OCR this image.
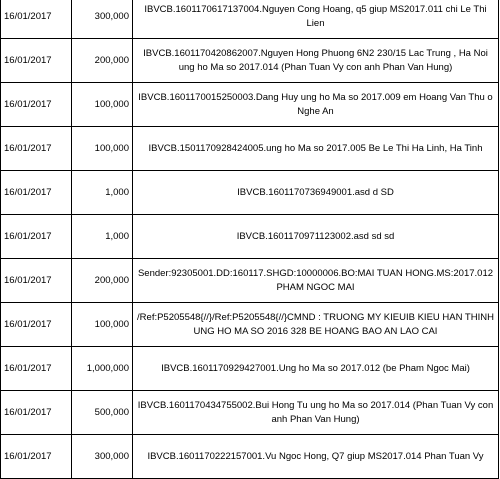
16/01/2017	300,000	IBVCB.1601170617137004.Nguyen Cong Hoang, q5 giup MS2017.011 chi Le Thi Lien
16/01/2017	200,000	IBVCB.1601170420862007.Nguyen Hong Phuong 6N2 230/15 Lac Trung , Ha Noi ung ho Ma so 2017.014 (Phan Tuan Vy con anh Phan Van Hung)
16/01/2017	100,000	IBVCB.1601170015250003.Dang Huy ung ho Ma so 2017.009 em Hoang Van Thu o Nghe An
16/01/2017	100,000	IBVCB.1501170928424005.ung ho Ma so 2017.005 Be Le Thi Ha Linh, Ha Tinh
16/01/2017	1,000	IBVCB.1601170736949001.asd d SD
16/01/2017	1,000	IBVCB.1601170971123002.asd sd sd
16/01/2017	200,000	Sender:92305001.DD:160117.SHGD:10000006.BO:MAI TUAN HONG.MS:2017.012 PHAM NGOC MAI
16/01/2017	100,000	/Ref:P5205548{//}/Ref:P5205548{//}CMND : TRUONG MY KIEUIB KIEU HAN THINH UNG HO MA SO 2016 328 BE HOANG BAO AN LAO CAI
16/01/2017	1,000,000	IBVCB.1601170929427001.Ung ho Ma so 2017.012 (be Pham Ngoc Mai)
16/01/2017	500,000	IBVCB.1601170434755002.Bui Hong Tu ung ho Ma so 2017.014 (Phan Tuan Vy con anh Phan Van Hung)
16/01/2017	300,000	IBVCB.1601170222157001.Vu Ngoc Hong, Q7 giup MS2017.014 Phan Tuan Vy
